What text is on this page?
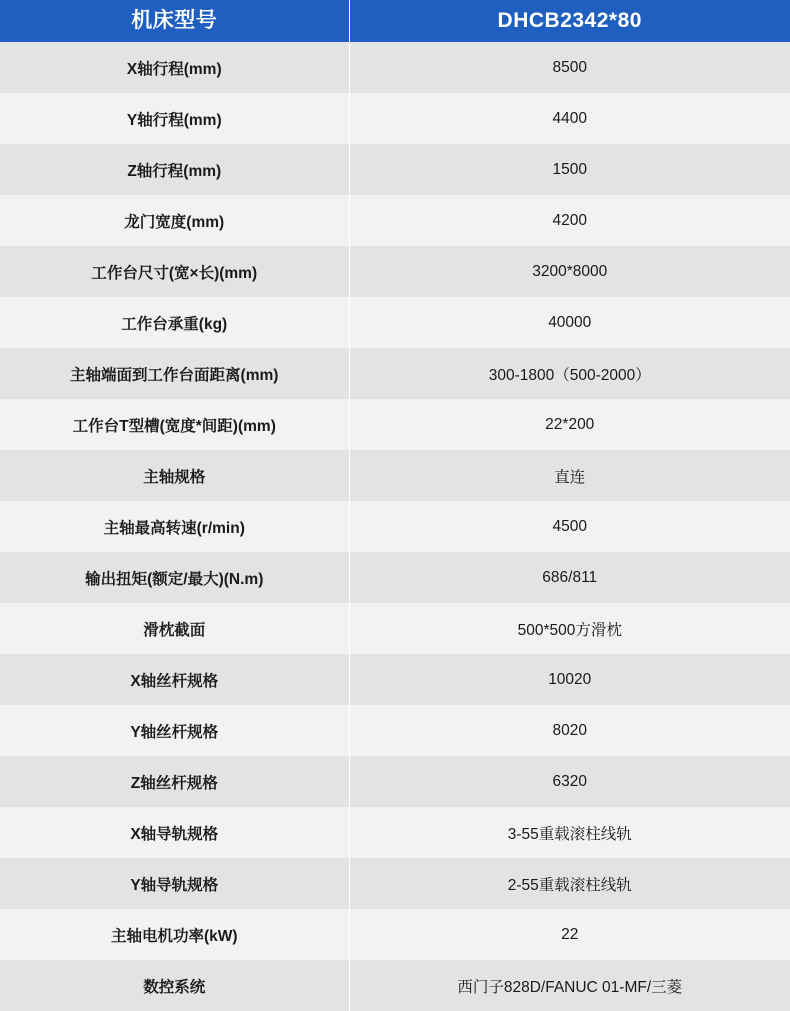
机床型号	DHCB2342*80
X轴行程(mm)	8500
Y轴行程(mm)	4400
Z轴行程(mm)	1500
龙门宽度(mm)	4200
工作台尺寸(宽×长)(mm)	3200*8000
工作台承重(kg)	40000
主轴端面到工作台面距离(mm)	300-1800（500-2000）
工作台T型槽(宽度*间距)(mm)	22*200
主轴规格	直连
主轴最高转速(r/min)	4500
输出扭矩(额定/最大)(N.m)	686/811
滑枕截面	500*500方滑枕
X轴丝杆规格	10020
Y轴丝杆规格	8020
Z轴丝杆规格	6320
X轴导轨规格	3-55重载滚柱线轨
Y轴导轨规格	2-55重载滚柱线轨
主轴电机功率(kW)	22
数控系统	西门子828D/FANUC 01-MF/三菱
